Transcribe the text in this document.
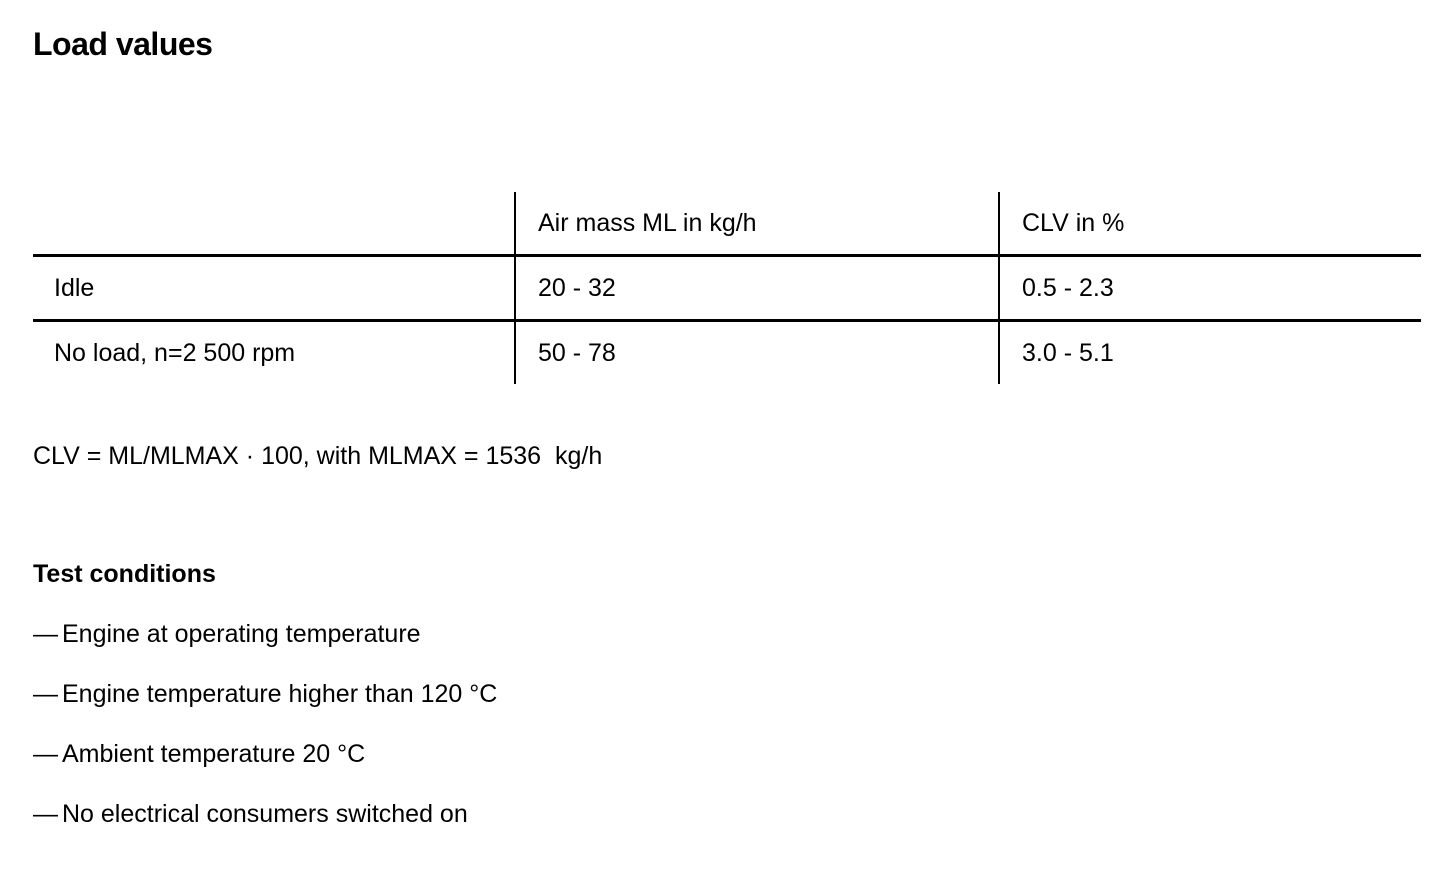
Load values
	Air mass ML in kg/h	CLV in %
Idle	20 - 32	0.5 - 2.3
No load, n=2 500 rpm	50 - 78	3.0 - 5.1
CLV = ML/MLMAX · 100, with MLMAX = 1536  kg/h
Test conditions
— Engine at operating temperature
— Engine temperature higher than 120 °C
— Ambient temperature 20 °C
— No electrical consumers switched on
